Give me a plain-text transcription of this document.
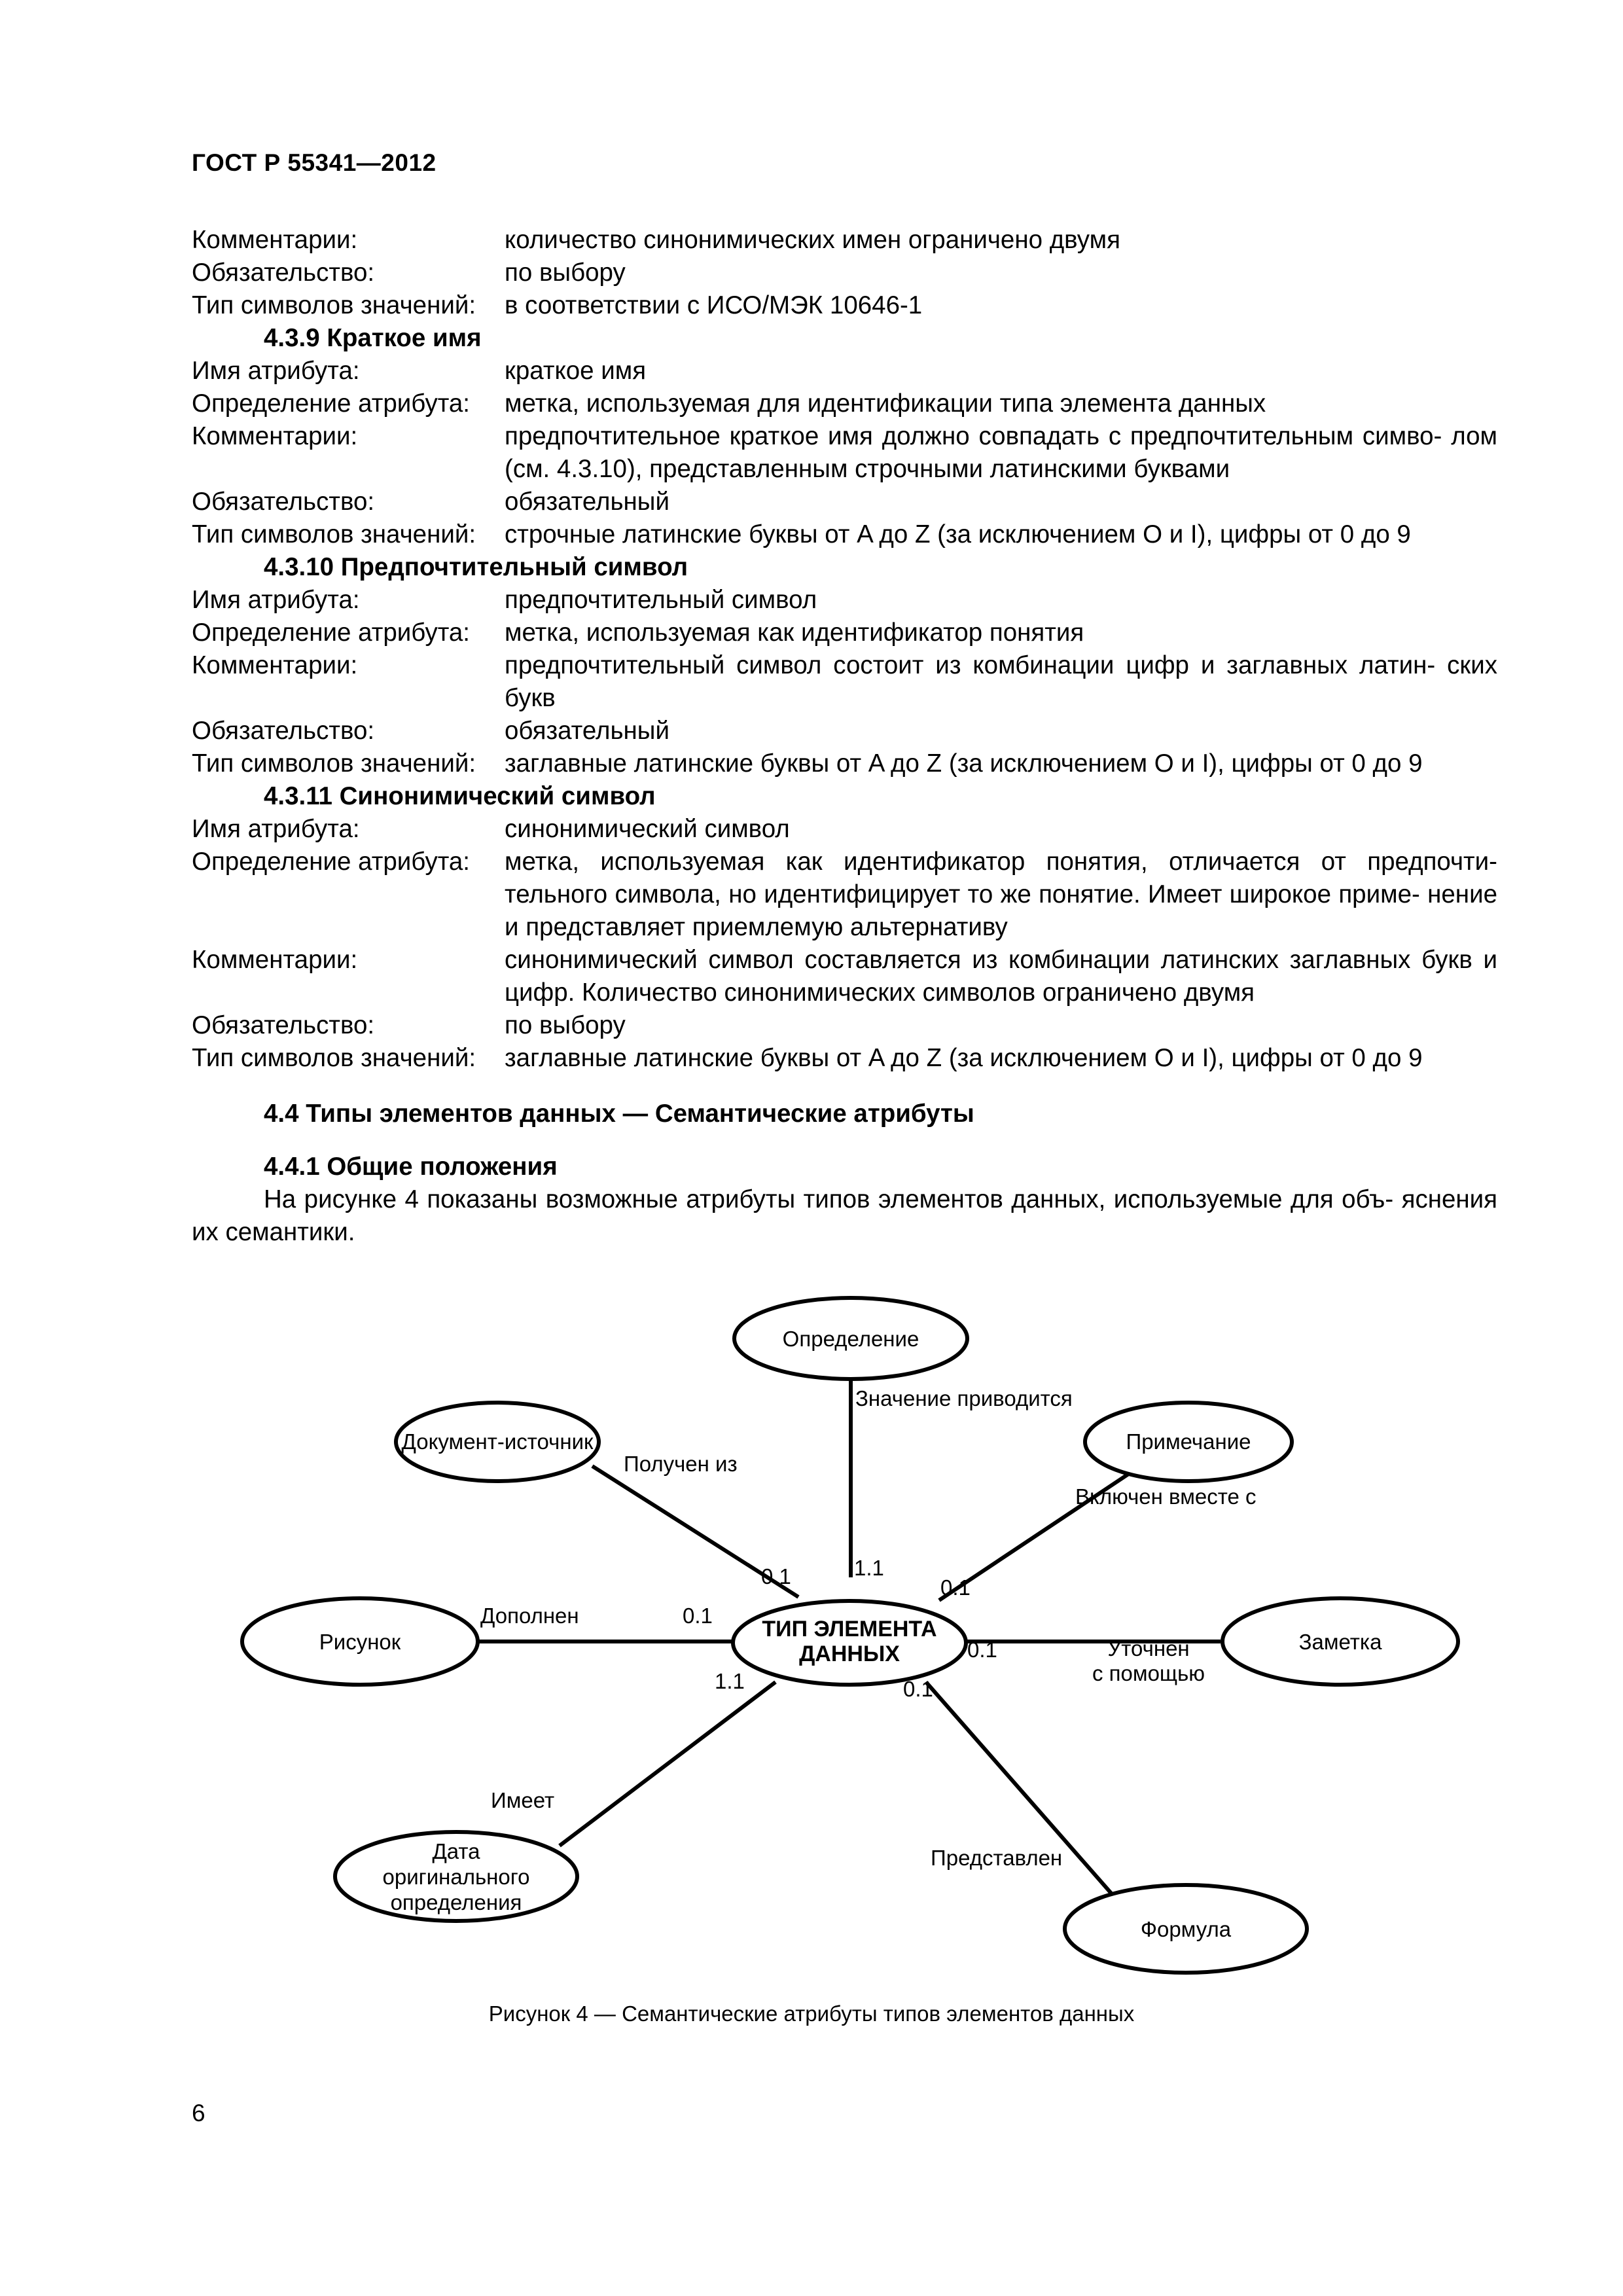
ГОСТ Р 55341—2012
Комментарии:	количество синонимических имен ограничено двумя
Обязательство:	по выбору
Тип символов значений: в соответствии с ИСО/МЭК 10646-1
4.3.9 Краткое имя
Имя атрибута:	краткое имя
Определение атрибута: метка, используемая для идентификации типа элемента данных
Комментарии:	предпочтительное краткое имя должно совпадать с предпочтительным симво- лом (см. 4.3.10), представленным строчными латинскими буквами
Обязательство:	обязательный
Тип символов значений: строчные латинские буквы от A до Z (за исключением O и I), цифры от 0 до 9
4.3.10 Предпочтительный символ
Имя атрибута:	предпочтительный символ
Определение атрибута: метка, используемая как идентификатор понятия
Комментарии:	предпочтительный символ состоит из комбинации цифр и заглавных латин- ских букв
Обязательство:	обязательный
Тип символов значений: заглавные латинские буквы от A до Z (за исключением O и I), цифры от 0 до 9
4.3.11 Синонимический символ
Имя атрибута:	синонимический символ
Определение атрибута: метка, используемая как идентификатор понятия, отличается от предпочти- тельного символа, но идентифицирует то же понятие. Имеет широкое приме- нение и представляет приемлемую альтернативу
Комментарии:	синонимический символ составляется из комбинации латинских заглавных букв и цифр. Количество синонимических символов ограничено двумя
Обязательство:	по выбору
Тип символов значений: заглавные латинские буквы от A до Z (за исключением O и I), цифры от 0 до 9
4.4 Типы элементов данных — Семантические атрибуты
4.4.1 Общие положения
На рисунке 4 показаны возможные атрибуты типов элементов данных, используемые для объ- яснения их семантики.
Определение
Документ-источник	Примечание
Рисунок	Заметка
Дата
оригинального
определения
Формула
ТИП ЭЛЕМЕНТА
ДАННЫХ
Значение приводится
Получен из
Включен вместе с
Дополнен
Уточнен
с помощью
Имеет
Представлен
0.1	1.1
0.1
0.1
0.1
1.1	0.1
Рисунок 4 — Семантические атрибуты типов элементов данных
6
